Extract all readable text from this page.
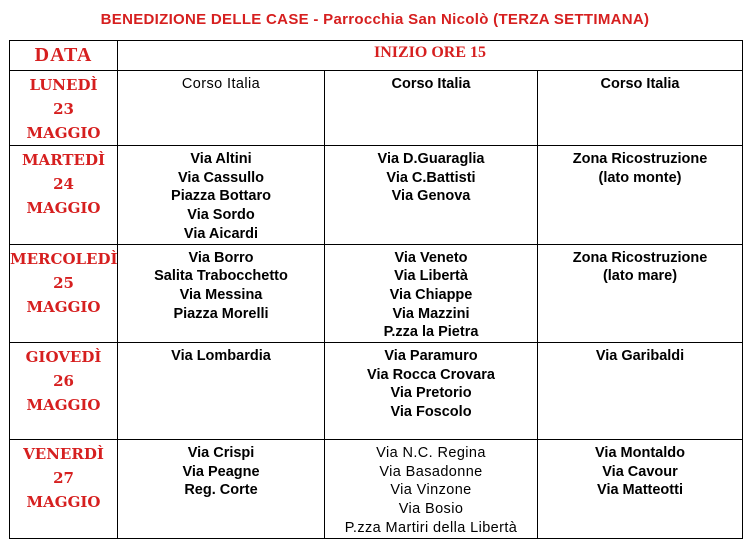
BENEDIZIONE DELLE CASE - Parrocchia San Nicolò (TERZA SETTIMANA)
DATA	INIZIO ORE 15		

LUNEDÌ
23
MAGGIO	Corso Italia	Corso Italia	Corso Italia

MARTEDÌ
24
MAGGIO	Via Altini
Via Cassullo
Piazza Bottaro
Via Sordo
Via Aicardi	Via D.Guaraglia
Via C.Battisti
Via Genova	Zona Ricostruzione
(lato monte)

MERCOLEDÌ
25
MAGGIO	Via Borro
Salita Trabocchetto
Via Messina
Piazza Morelli	Via Veneto
Via Libertà
Via Chiappe
Via Mazzini
P.zza la Pietra	Zona Ricostruzione
(lato mare)

GIOVEDÌ
26
MAGGIO	Via Lombardia	Via Paramuro
Via Rocca Crovara
Via Pretorio
Via Foscolo	Via Garibaldi

VENERDÌ
27
MAGGIO	Via Crispi
Via Peagne
Reg. Corte	Via N.C. Regina
Via Basadonne
Via Vinzone
Via Bosio
P.zza Martiri della Libertà	Via Montaldo
Via Cavour
Via Matteotti
